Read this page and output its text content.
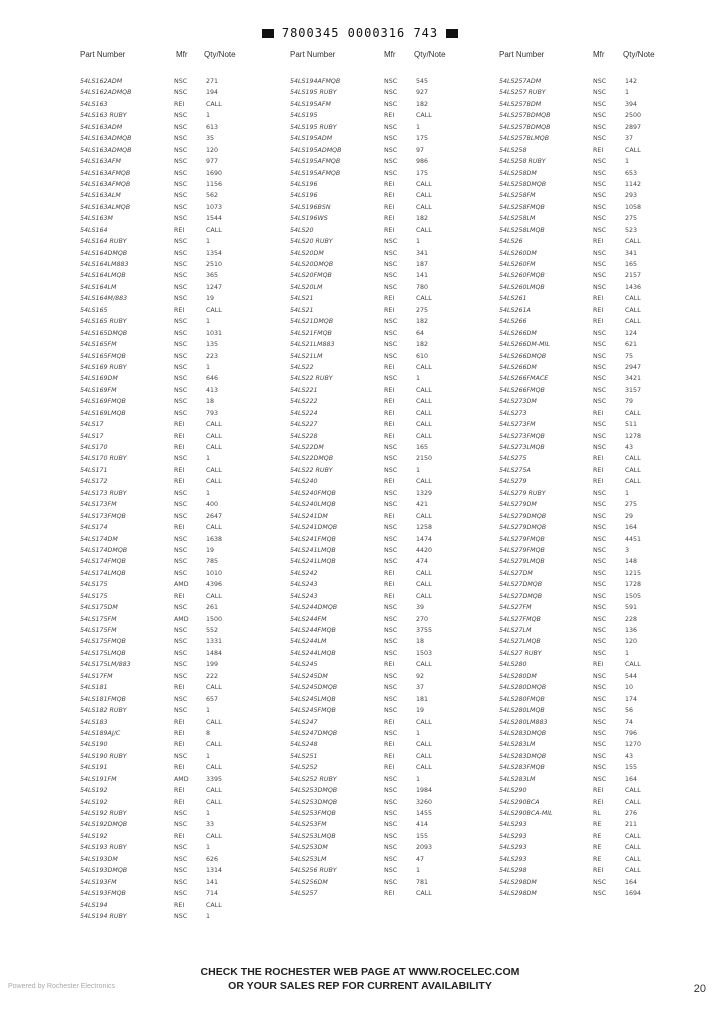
7800345 0000316 743
Part Number	Mfr Qty/Note
54LS162ADM	NSC	271
54LS162ADMQB	NSC	194
54LS163	REI	CALL
54LS163 RUBY	NSC	1
54LS163ADM	NSC	613
54LS163ADMQB	NSC	35
54LS163ADMQB	NSC	120
54LS163AFM	NSC	977
54LS163AFMQB	NSC	1690
54LS163AFMQB	NSC	1156
54LS163ALM	NSC	562
54LS163ALMQB	NSC	1073
54LS163M	NSC	1544
54LS164	REI	CALL
54LS164 RUBY	NSC	1
54LS164DMQB	NSC	1354
54LS164LM883	NSC	2510
54LS164LMQB	NSC	365
54LS164LM	NSC	1247
54LS164M/883	NSC	19
54LS165	REI	CALL
54LS165 RUBY	NSC	1
54LS165DMQB	NSC	1031
54LS165FM	NSC	135
54LS165FMQB	NSC	223
54LS169 RUBY	NSC	1
54LS169DM	NSC	646
54LS169FM	NSC	413
54LS169FMQB	NSC	18
54LS169LMQB	NSC	793
54LS17	REI	CALL
54LS17	REI	CALL
54LS170	REI	CALL
54LS170 RUBY	NSC	1
54LS171	REI	CALL
54LS172	REI	CALL
54LS173 RUBY	NSC	1
54LS173FM	NSC	400
54LS173FMQB	NSC	2647
54LS174	REI	CALL
54LS174DM	NSC	1638
54LS174DMQB	NSC	19
54LS174FMQB	NSC	785
54LS174LMQB	NSC	1010
54LS175	AMD	4396
54LS175	REI	CALL
54LS175DM	NSC	261
54LS175FM	AMD	1500
54LS175FM	NSC	552
54LS175FMQB	NSC	1331
54LS175LMQB	NSC	1484
54LS175LM/883	NSC	199
54LS17FM	NSC	222
54LS181	REI	CALL
54LS181FMQB	NSC	657
54LS182 RUBY	NSC	1
54LS183	REI	CALL
54LS189AJ/C	REI	8
54LS190	REI	CALL
54LS190 RUBY	NSC	1
54LS191	REI	CALL
54LS191FM	AMD	3395
54LS192	REI	CALL
54LS192	REI	CALL
54LS192 RUBY	NSC	1
54LS192DMQB	NSC	33
54LS192	REI	CALL
54LS193 RUBY	NSC	1
54LS193DM	NSC	626
54LS193DMQB	NSC	1314
54LS193FM	NSC	141
54LS193FMQB	NSC	714
54LS194	REI	CALL
54LS194 RUBY	NSC	1
Part Number	Mfr Qty/Note
54LS194AFMQB	NSC	545
54LS195 RUBY	NSC	927
54LS195AFM	NSC	182
54LS195	REI	CALL
54LS195 RUBY	NSC	1
54LS195ADM	NSC	175
54LS195ADMQB	NSC	97
54LS195AFMQB	NSC	986
54LS195AFMQB	NSC	175
54LS196	REI	CALL
54LS196	REI	CALL
54LS196BSN	REI	CALL
54LS196WS	REI	182
54LS20	REI	CALL
54LS20 RUBY	NSC	1
54LS20DM	NSC	341
54LS20DMQB	NSC	187
54LS20FMQB	NSC	141
54LS20LM	NSC	780
54LS21	REI	CALL
54LS21	REI	275
54LS21DMQB	NSC	182
54LS21FMQB	NSC	64
54LS21LM883	NSC	182
54LS21LM	NSC	610
54LS22	REI	CALL
54LS22 RUBY	NSC	1
54LS221	REI	CALL
54LS222	REI	CALL
54LS224	REI	CALL
54LS227	REI	CALL
54LS228	REI	CALL
54LS22DM	NSC	165
54LS22DMQB	NSC	2150
54LS22 RUBY	NSC	1
54LS240	REI	CALL
54LS240FMQB	NSC	1329
54LS240LMQB	NSC	421
54LS241DM	REI	CALL
54LS241DMQB	NSC	1258
54LS241FMQB	NSC	1474
54LS241LMQB	NSC	4420
54LS241LMQB	NSC	474
54LS242	REI	CALL
54LS243	REI	CALL
54LS243	REI	CALL
54LS244DMQB	NSC	39
54LS244FM	NSC	270
54LS244FMQB	NSC	3755
54LS244LM	NSC	18
54LS244LMQB	NSC	1503
54LS245	REI	CALL
54LS245DM	NSC	92
54LS245DMQB	NSC	37
54LS245LMQB	NSC	181
54LS245FMQB	NSC	19
54LS247	REI	CALL
54LS247DMQB	NSC	1
54LS248	REI	CALL
54LS251	REI	CALL
54LS252	REI	CALL
54LS252 RUBY	NSC	1
54LS253DMQB	NSC	1984
54LS253DMQB	NSC	3260
54LS253FMQB	NSC	1455
54LS253FM	NSC	414
54LS253LMQB	NSC	155
54LS253DM	NSC	2093
54LS253LM	NSC	47
54LS256 RUBY	NSC	1
54LS256DM	NSC	781
54LS257	REI	CALL
Part Number	Mfr Qty/Note
54LS257ADM	NSC	142
54LS257 RUBY	NSC	1
54LS257BDM	NSC	394
54LS257BDMQB	NSC	2500
54LS257BDMQB	NSC	2897
54LS257BLMQB	NSC	37
54LS258	REI	CALL
54LS258 RUBY	NSC	1
54LS258DM	NSC	653
54LS258DMQB	NSC	1142
54LS258FM	NSC	293
54LS258FMQB	NSC	1058
54LS258LM	NSC	275
54LS258LMQB	NSC	523
54LS26	REI	CALL
54LS260DM	NSC	341
54LS260FM	NSC	165
54LS260FMQB	NSC	2157
54LS260LMQB	NSC	1436
54LS261	REI	CALL
54LS261A	REI	CALL
54LS266	REI	CALL
54LS266DM	NSC	124
54LS266DM-MIL	NSC	621
54LS266DMQB	NSC	75
54LS266DM	NSC	2947
54LS266FMACE	NSC	3421
54LS266FMQB	NSC	3157
54LS273DM	NSC	79
54LS273	REI	CALL
54LS273FM	NSC	511
54LS273FMQB	NSC	1278
54LS273LMQB	NSC	43
54LS275	REI	CALL
54LS275A	REI	CALL
54LS279	REI	CALL
54LS279 RUBY	NSC	1
54LS279DM	NSC	275
54LS279DMQB	NSC	29
54LS279DMQB	NSC	164
54LS279FMQB	NSC	4451
54LS279FMQB	NSC	3
54LS279LMQB	NSC	148
54LS27DM	NSC	1215
54LS27DMQB	NSC	1728
54LS27DMQB	NSC	1505
54LS27FM	NSC	591
54LS27FMQB	NSC	228
54LS27LM	NSC	136
54LS27LMQB	NSC	120
54LS27 RUBY	NSC	1
54LS280	REI	CALL
54LS280DM	NSC	544
54LS280DMQB	NSC	10
54LS280FMQB	NSC	174
54LS280LMQB	NSC	56
54LS280LM883	NSC	74
54LS283DMQB	NSC	796
54LS283LM	NSC	1270
54LS283DMQB	NSC	43
54LS283FMQB	NSC	155
54LS283LM	NSC	164
54LS290	REI	CALL
54LS290BCA	REI	CALL
54LS290BCA-MIL	RL	276
54LS293	RE	211
54LS293	RE	CALL
54LS293	RE	CALL
54LS293	RE	CALL
54LS298	REI	CALL
54LS298DM	NSC	164
54LS298DM	NSC	1694
CHECK THE ROCHESTER WEB PAGE AT WWW.ROCELEC.COM
OR YOUR SALES REP FOR CURRENT AVAILABILITY
Powered by Rochester Electronics	20
